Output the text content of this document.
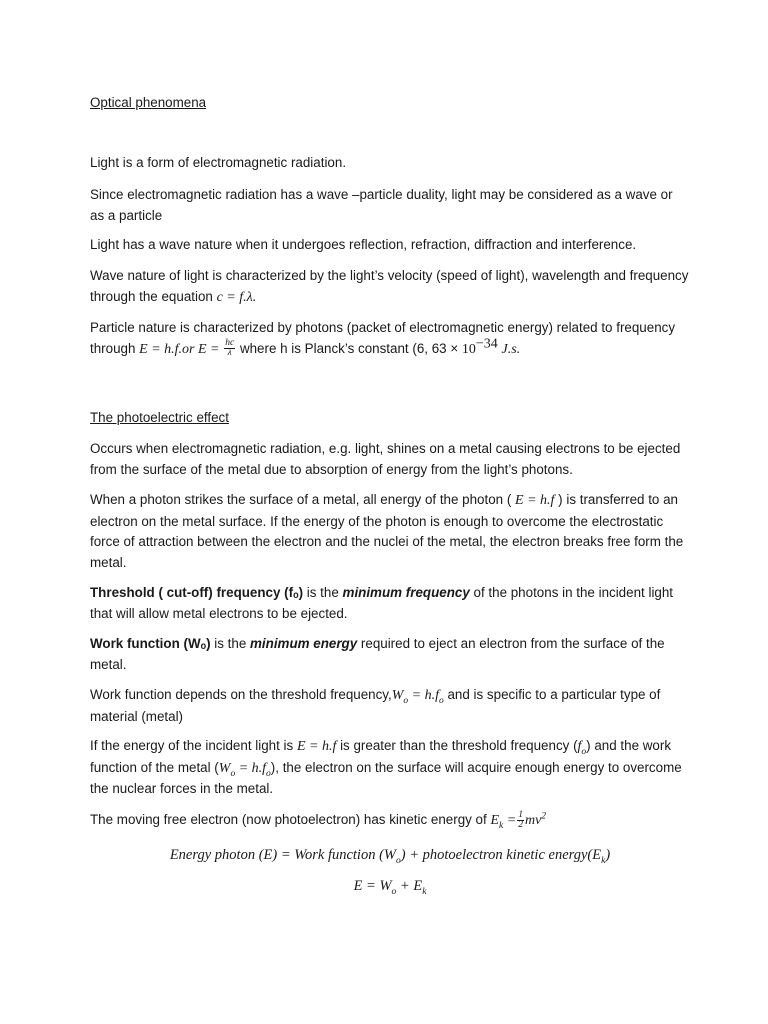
Optical phenomena

Light is a form of electromagnetic radiation.

Since electromagnetic radiation has a wave –particle duality, light may be considered as a wave or as a particle

Light has a wave nature when it undergoes reflection, refraction, diffraction and interference.

Wave nature of light is characterized by the light’s velocity (speed of light), wavelength and frequency through the equation c = f.λ.

Particle nature is characterized by photons (packet of electromagnetic energy) related to frequency through E = h.f.or $E = \frac{hc}{\lambda}$ where h is Planck’s constant (6, $63 \times 10^{-34}$ J.s.

The photoelectric effect

Occurs when electromagnetic radiation, e.g. light, shines on a metal causing electrons to be ejected from the surface of the metal due to absorption of energy from the light’s photons.

When a photon strikes the surface of a metal, all energy of the photon ( E = h.f ) is transferred to an electron on the metal surface. If the energy of the photon is enough to overcome the electrostatic force of attraction between the electron and the nuclei of the metal, the electron breaks free form the metal.

Threshold ( cut-off) frequency (fₒ) is the minimum frequency of the photons in the incident light that will allow metal electrons to be ejected.

Work function (Wₒ) is the minimum energy required to eject an electron from the surface of the metal.

Work function depends on the threshold $frequency,W_o = h.f_o$ and is specific to a particular type of material (metal)

If the energy of the incident light is E = h.f is greater than the threshold frequency $(f_o)$ and the work function of the metal $(W_o = h.f_o)$, the electron on the surface will acquire enough energy to overcome the nuclear forces in the metal.

The moving free electron (now photoelectron) has kinetic energy of $E_k = \frac{1}{2} mv^2$

Energy photon (E) = Work function $(W_o)$ + photoelectron kinetic $energy(E_k)$
$E = W_o + E_k$
